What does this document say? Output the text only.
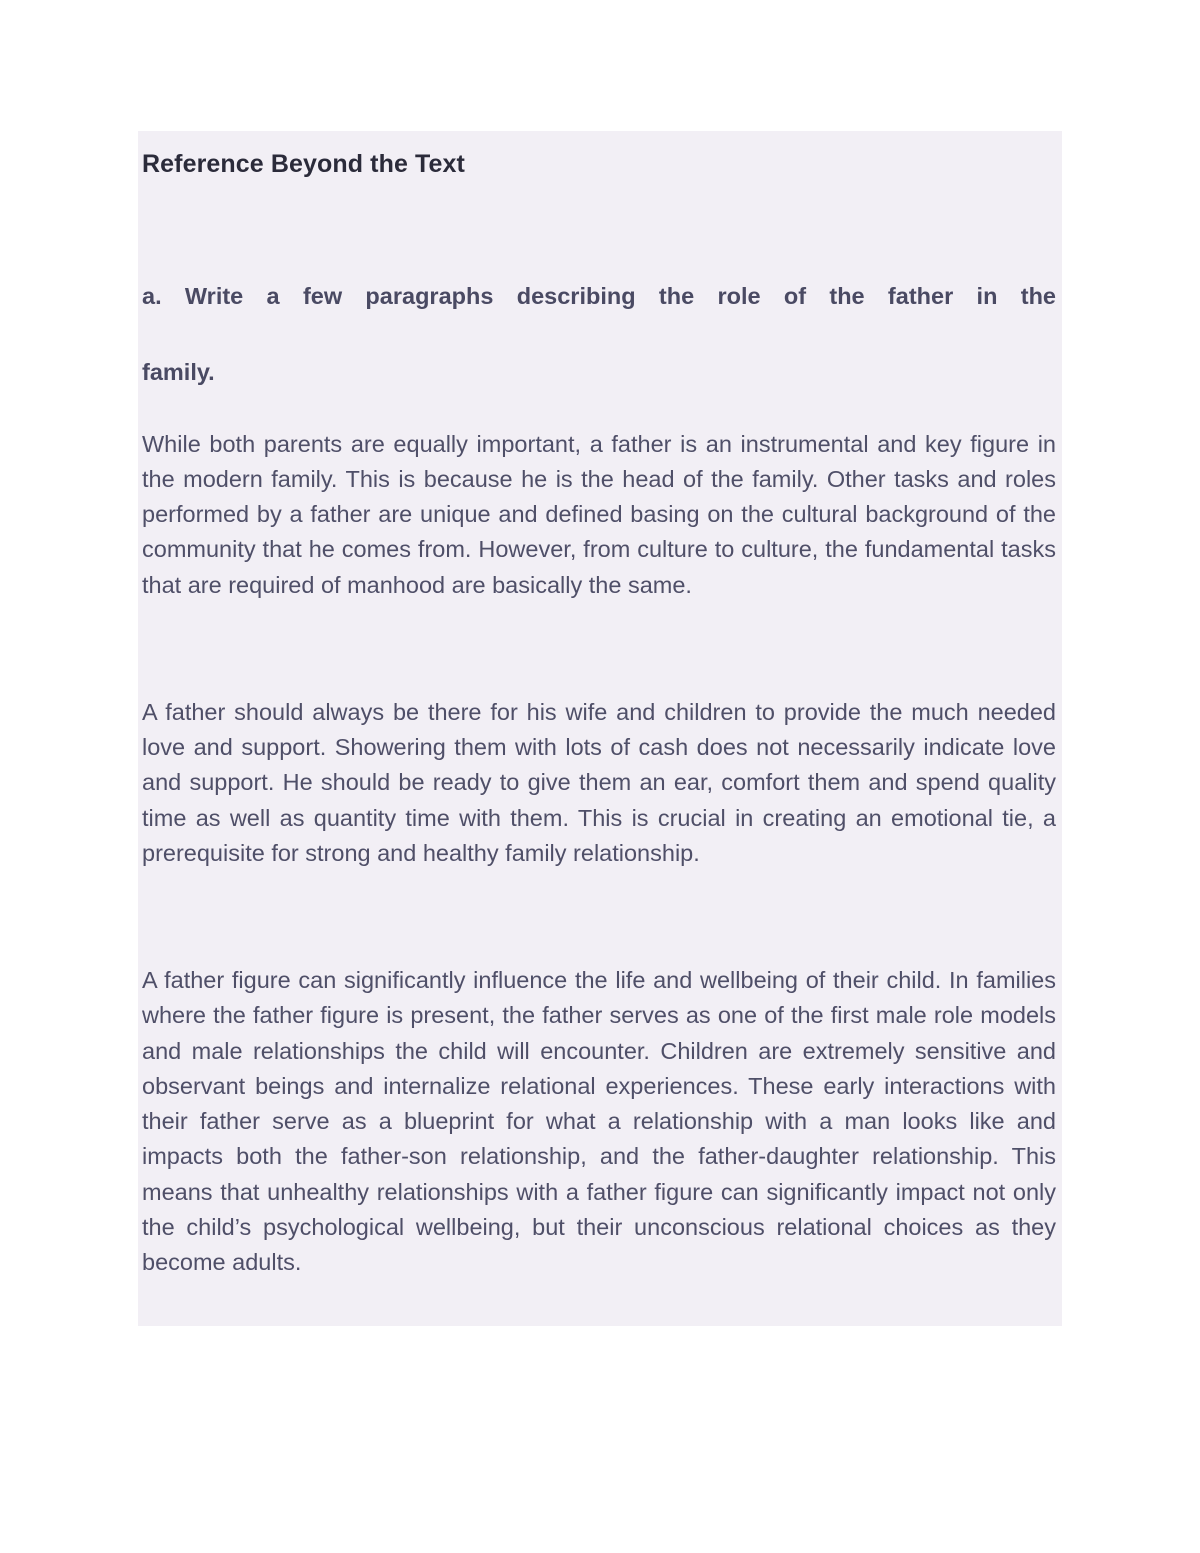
Reference Beyond the Text
a. Write a few paragraphs describing the role of the father in the
family.

While both parents are equally important, a father is an instrumental and key figure in the modern family. This is because he is the head of the family. Other tasks and roles performed by a father are unique and defined basing on the cultural background of the community that he comes from. However, from culture to culture, the fundamental tasks that are required of manhood are basically the same.

A father should always be there for his wife and children to provide the much needed love and support. Showering them with lots of cash does not necessarily indicate love and support. He should be ready to give them an ear, comfort them and spend quality time as well as quantity time with them. This is crucial in creating an emotional tie, a prerequisite for strong and healthy family relationship.

A father figure can significantly influence the life and wellbeing of their child. In families where the father figure is present, the father serves as one of the first male role models and male relationships the child will encounter. Children are extremely sensitive and observant beings and internalize relational experiences. These early interactions with their father serve as a blueprint for what a relationship with a man looks like and impacts both the father-son relationship, and the father-daughter relationship. This means that unhealthy relationships with a father figure can significantly impact not only the child’s psychological wellbeing, but their unconscious relational choices as they become adults.
